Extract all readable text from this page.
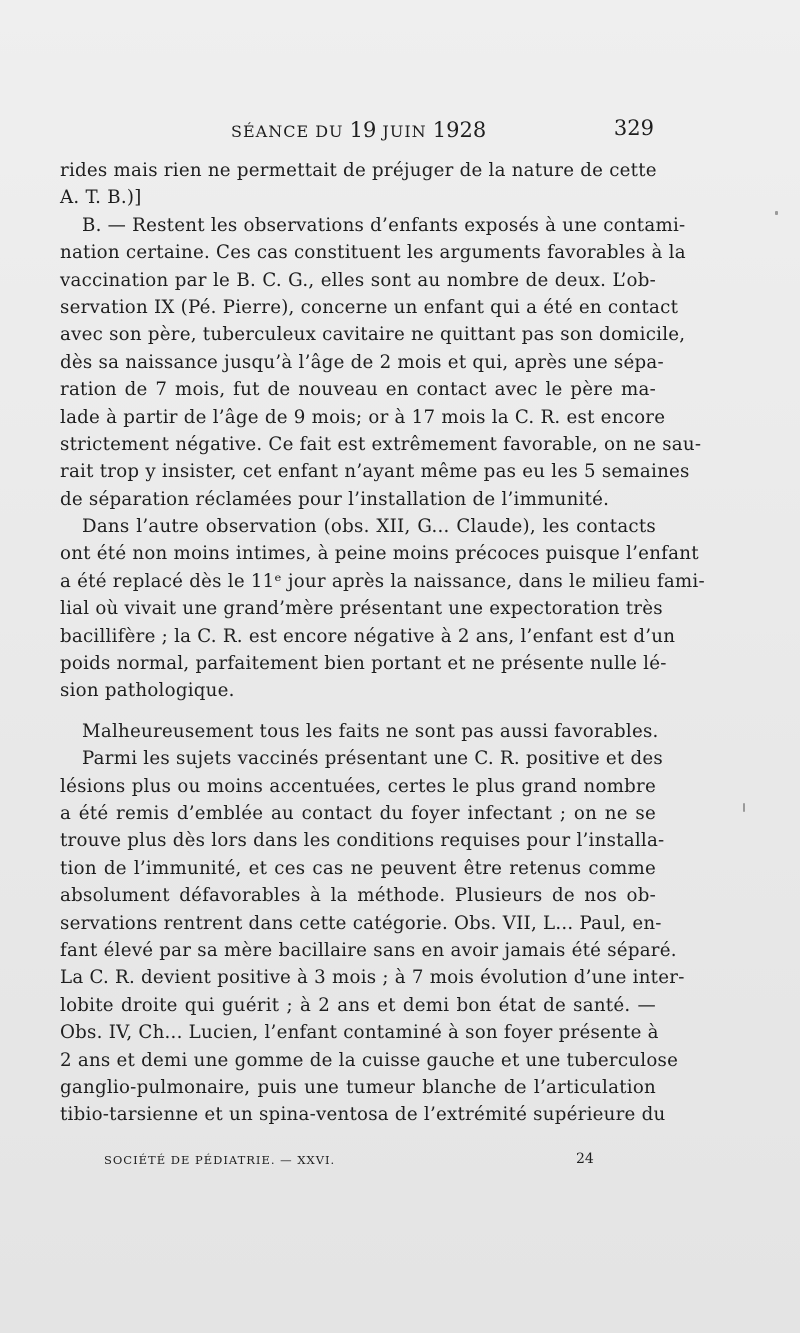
SÉANCE DU 19 JUIN 1928	329
rides mais rien ne permettait de préjuger de la nature de cette
A. T. B.)]
B. — Restent les observations d’enfants exposés à une contami-
nation certaine. Ces cas constituent les arguments favorables à la
vaccination par le B. C. G., elles sont au nombre de deux. L’ob-
servation IX (Pé. Pierre), concerne un enfant qui a été en contact
avec son père, tuberculeux cavitaire ne quittant pas son domicile,
dès sa naissance jusqu’à l’âge de 2 mois et qui, après une sépa-
ration de 7 mois, fut de nouveau en contact avec le père ma-
lade à partir de l’âge de 9 mois; or à 17 mois la C. R. est encore
strictement négative. Ce fait est extrêmement favorable, on ne sau-
rait trop y insister, cet enfant n’ayant même pas eu les 5 semaines
de séparation réclamées pour l’installation de l’immunité.
Dans l’autre observation (obs. XII, G... Claude), les contacts
ont été non moins intimes, à peine moins précoces puisque l’enfant
a été replacé dès le 11ᵉ jour après la naissance, dans le milieu fami-
lial où vivait une grand’mère présentant une expectoration très
bacillifère ; la C. R. est encore négative à 2 ans, l’enfant est d’un
poids normal, parfaitement bien portant et ne présente nulle lé-
sion pathologique.
Malheureusement tous les faits ne sont pas aussi favorables.
Parmi les sujets vaccinés présentant une C. R. positive et des
lésions plus ou moins accentuées, certes le plus grand nombre
a été remis d’emblée au contact du foyer infectant ; on ne se
trouve plus dès lors dans les conditions requises pour l’installa-
tion de l’immunité, et ces cas ne peuvent être retenus comme
absolument défavorables à la méthode. Plusieurs de nos ob-
servations rentrent dans cette catégorie. Obs. VII, L... Paul, en-
fant élevé par sa mère bacillaire sans en avoir jamais été séparé.
La C. R. devient positive à 3 mois ; à 7 mois évolution d’une inter-
lobite droite qui guérit ; à 2 ans et demi bon état de santé. —
Obs. IV, Ch... Lucien, l’enfant contaminé à son foyer présente à
2 ans et demi une gomme de la cuisse gauche et une tuberculose
ganglio-pulmonaire, puis une tumeur blanche de l’articulation
tibio-tarsienne et un spina-ventosa de l’extrémité supérieure du
SOCIÉTÉ DE PÉDIATRIE. — XXVI.	24
